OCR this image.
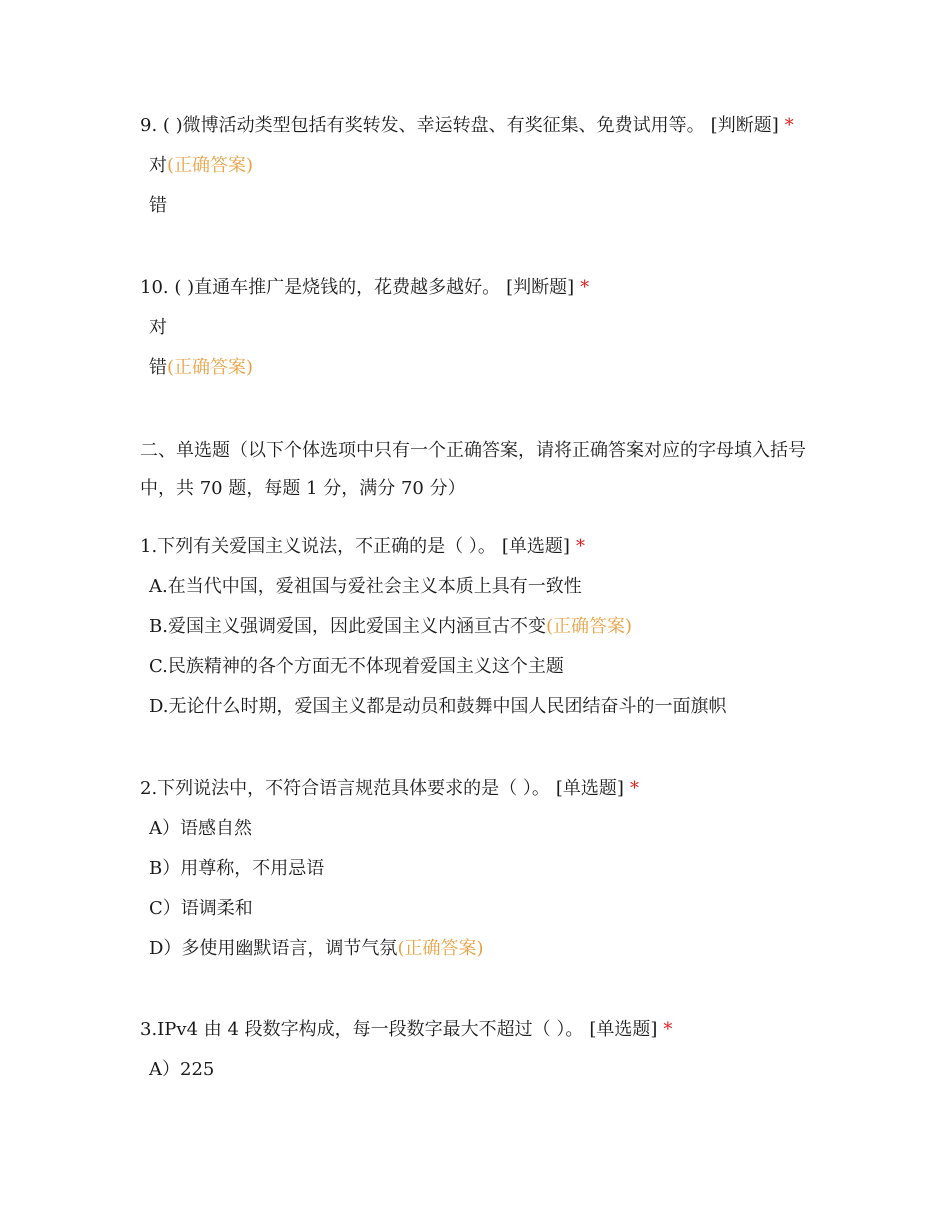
9. ( )微博活动类型包括有奖转发、幸运转盘、有奖征集、免费试用等。 [判断题] *
对(正确答案)
错
10. ( )直通车推广是烧钱的，花费越多越好。 [判断题] *
对
错(正确答案)
二、单选题（以下个体选项中只有一个正确答案，请将正确答案对应的字母填入括号中，共 70 题，每题 1 分，满分 70 分）
1.下列有关爱国主义说法，不正确的是（ ）。 [单选题] *
A.在当代中国，爱祖国与爱社会主义本质上具有一致性
B.爱国主义强调爱国，因此爱国主义内涵亘古不变(正确答案)
C.民族精神的各个方面无不体现着爱国主义这个主题
D.无论什么时期，爱国主义都是动员和鼓舞中国人民团结奋斗的一面旗帜
2.下列说法中，不符合语言规范具体要求的是（ ）。 [单选题] *
A）语感自然
B）用尊称，不用忌语
C）语调柔和
D）多使用幽默语言，调节气氛(正确答案)
3.IPv4 由 4 段数字构成，每一段数字最大不超过（ ）。 [单选题] *
A）225
